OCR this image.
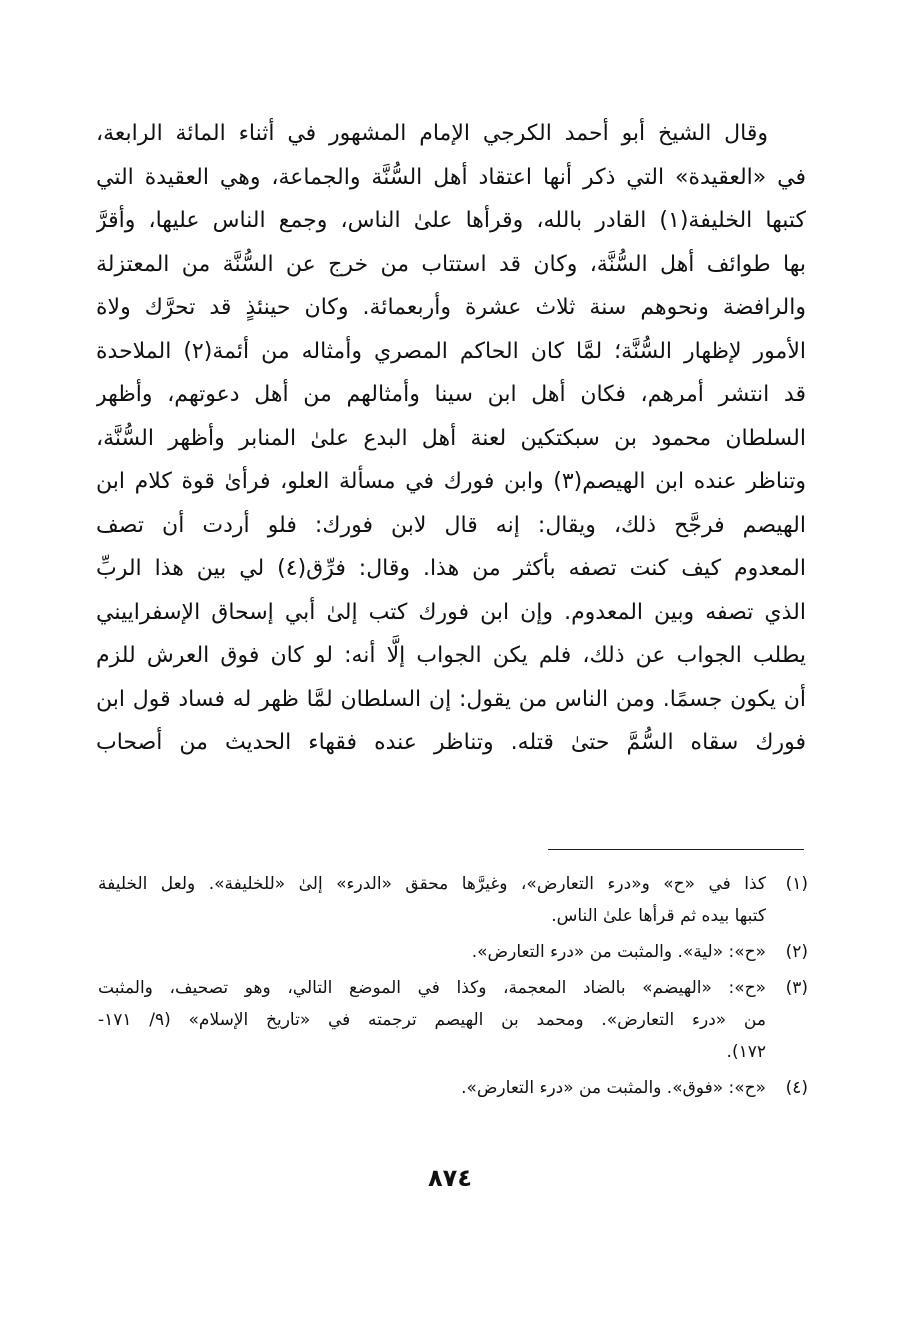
وقال الشيخ أبو أحمد الكرجي الإمام المشهور في أثناء المائة الرابعة،
في «العقيدة» التي ذكر أنها اعتقاد أهل السُّنَّة والجماعة، وهي العقيدة التي
كتبها الخليفة(١) القادر بالله، وقرأها علىٰ الناس، وجمع الناس عليها، وأقرَّ
بها طوائف أهل السُّنَّة، وكان قد استتاب من خرج عن السُّنَّة من المعتزلة
والرافضة ونحوهم سنة ثلاث عشرة وأربعمائة. وكان حينئذٍ قد تحرَّك ولاة
الأمور لإظهار السُّنَّة؛ لمَّا كان الحاكم المصري وأمثاله من أئمة(٢) الملاحدة
قد انتشر أمرهم، فكان أهل ابن سينا وأمثالهم من أهل دعوتهم، وأظهر
السلطان محمود بن سبكتكين لعنة أهل البدع علىٰ المنابر وأظهر السُّنَّة،
وتناظر عنده ابن الهيصم(٣) وابن فورك في مسألة العلو، فرأىٰ قوة كلام ابن
الهيصم فرجَّح ذلك، ويقال: إنه قال لابن فورك: فلو أردت أن تصف
المعدوم كيف كنت تصفه بأكثر من هذا. وقال: فرِّق(٤) لي بين هذا الربِّ
الذي تصفه وبين المعدوم. وإن ابن فورك كتب إلىٰ أبي إسحاق الإسفراييني
يطلب الجواب عن ذلك، فلم يكن الجواب إلَّا أنه: لو كان فوق العرش للزم
أن يكون جسمًا. ومن الناس من يقول: إن السلطان لمَّا ظهر له فساد قول ابن
فورك سقاه السُّمَّ حتىٰ قتله. وتناظر عنده فقهاء الحديث من أصحاب
(١)
كذا في «ح» و«درء التعارض»، وغيرَّها محقق «الدرء» إلىٰ «للخليفة». ولعل الخليفة
كتبها بيده ثم قرأها علىٰ الناس.
(٢)
«ح»: «لية». والمثبت من «درء التعارض».
(٣)
«ح»: «الهيضم» بالضاد المعجمة، وكذا في الموضع التالي، وهو تصحيف، والمثبت
من «درء التعارض». ومحمد بن الهيصم ترجمته في «تاريخ الإسلام» (٩/ ١٧١-
١٧٢).
(٤)
«ح»: «فوق». والمثبت من «درء التعارض».
٨٧٤
